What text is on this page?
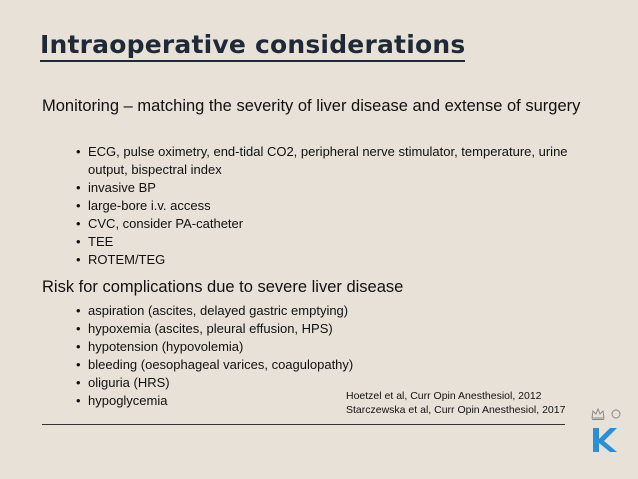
Intraoperative considerations
Monitoring – matching the severity of liver disease and extense of surgery
• ECG, pulse oximetry, end-tidal CO2, peripheral nerve stimulator, temperature, urine output, bispectral index
• invasive BP
• large-bore i.v. access
• CVC, consider PA-catheter
• TEE
• ROTEM/TEG
Risk for complications due to severe liver disease
• aspiration (ascites, delayed gastric emptying)
• hypoxemia (ascites, pleural effusion, HPS)
• hypotension (hypovolemia)
• bleeding (oesophageal varices, coagulopathy)
• oliguria (HRS)
• hypoglycemia	Hoetzel et al, Curr Opin Anesthesiol, 2012
Starczewska et al, Curr Opin Anesthesiol, 2017
